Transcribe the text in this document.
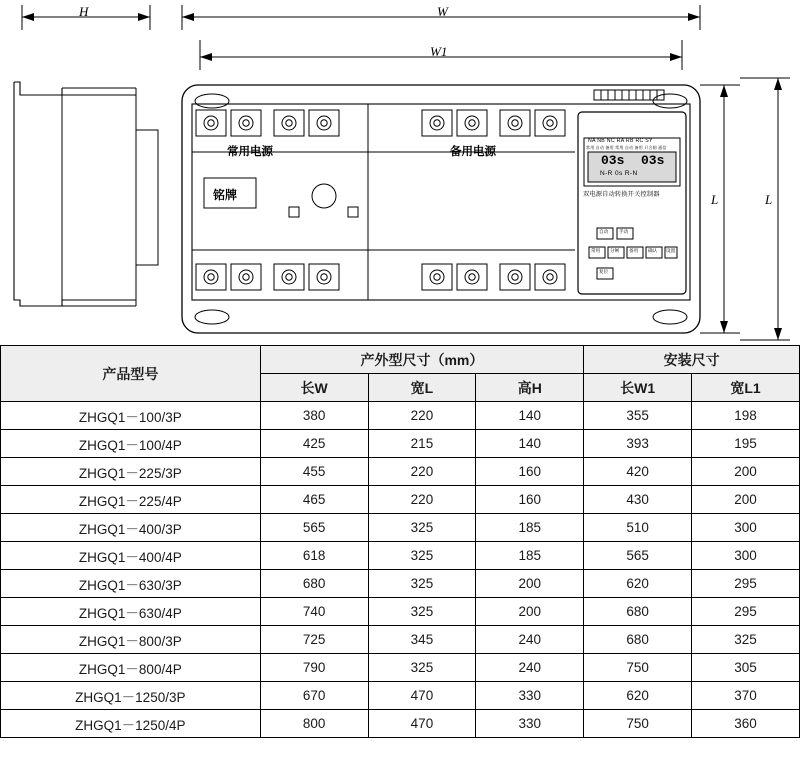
H	W
W1
L	L
常用电源	备用电源
铭牌
NA NB NC RA RB RC SY
常用 自动 备用 常用 自动 备用 只合闸 通信
03s 03s
N-R 0s R-N
双电源自动转换开关控制器
自动 手动
常用 分闸 备用 确认 设置
复位
产品型号	产外型尺寸（mm）			安装尺寸	
	长W	宽L	高H	长W1	宽L1
ZHGQ1－100/3P	380	220	140	355	198
ZHGQ1－100/4P	425	215	140	393	195
ZHGQ1－225/3P	455	220	160	420	200
ZHGQ1－225/4P	465	220	160	430	200
ZHGQ1－400/3P	565	325	185	510	300
ZHGQ1－400/4P	618	325	185	565	300
ZHGQ1－630/3P	680	325	200	620	295
ZHGQ1－630/4P	740	325	200	680	295
ZHGQ1－800/3P	725	345	240	680	325
ZHGQ1－800/4P	790	325	240	750	305
ZHGQ1－1250/3P	670	470	330	620	370
ZHGQ1－1250/4P	800	470	330	750	360
